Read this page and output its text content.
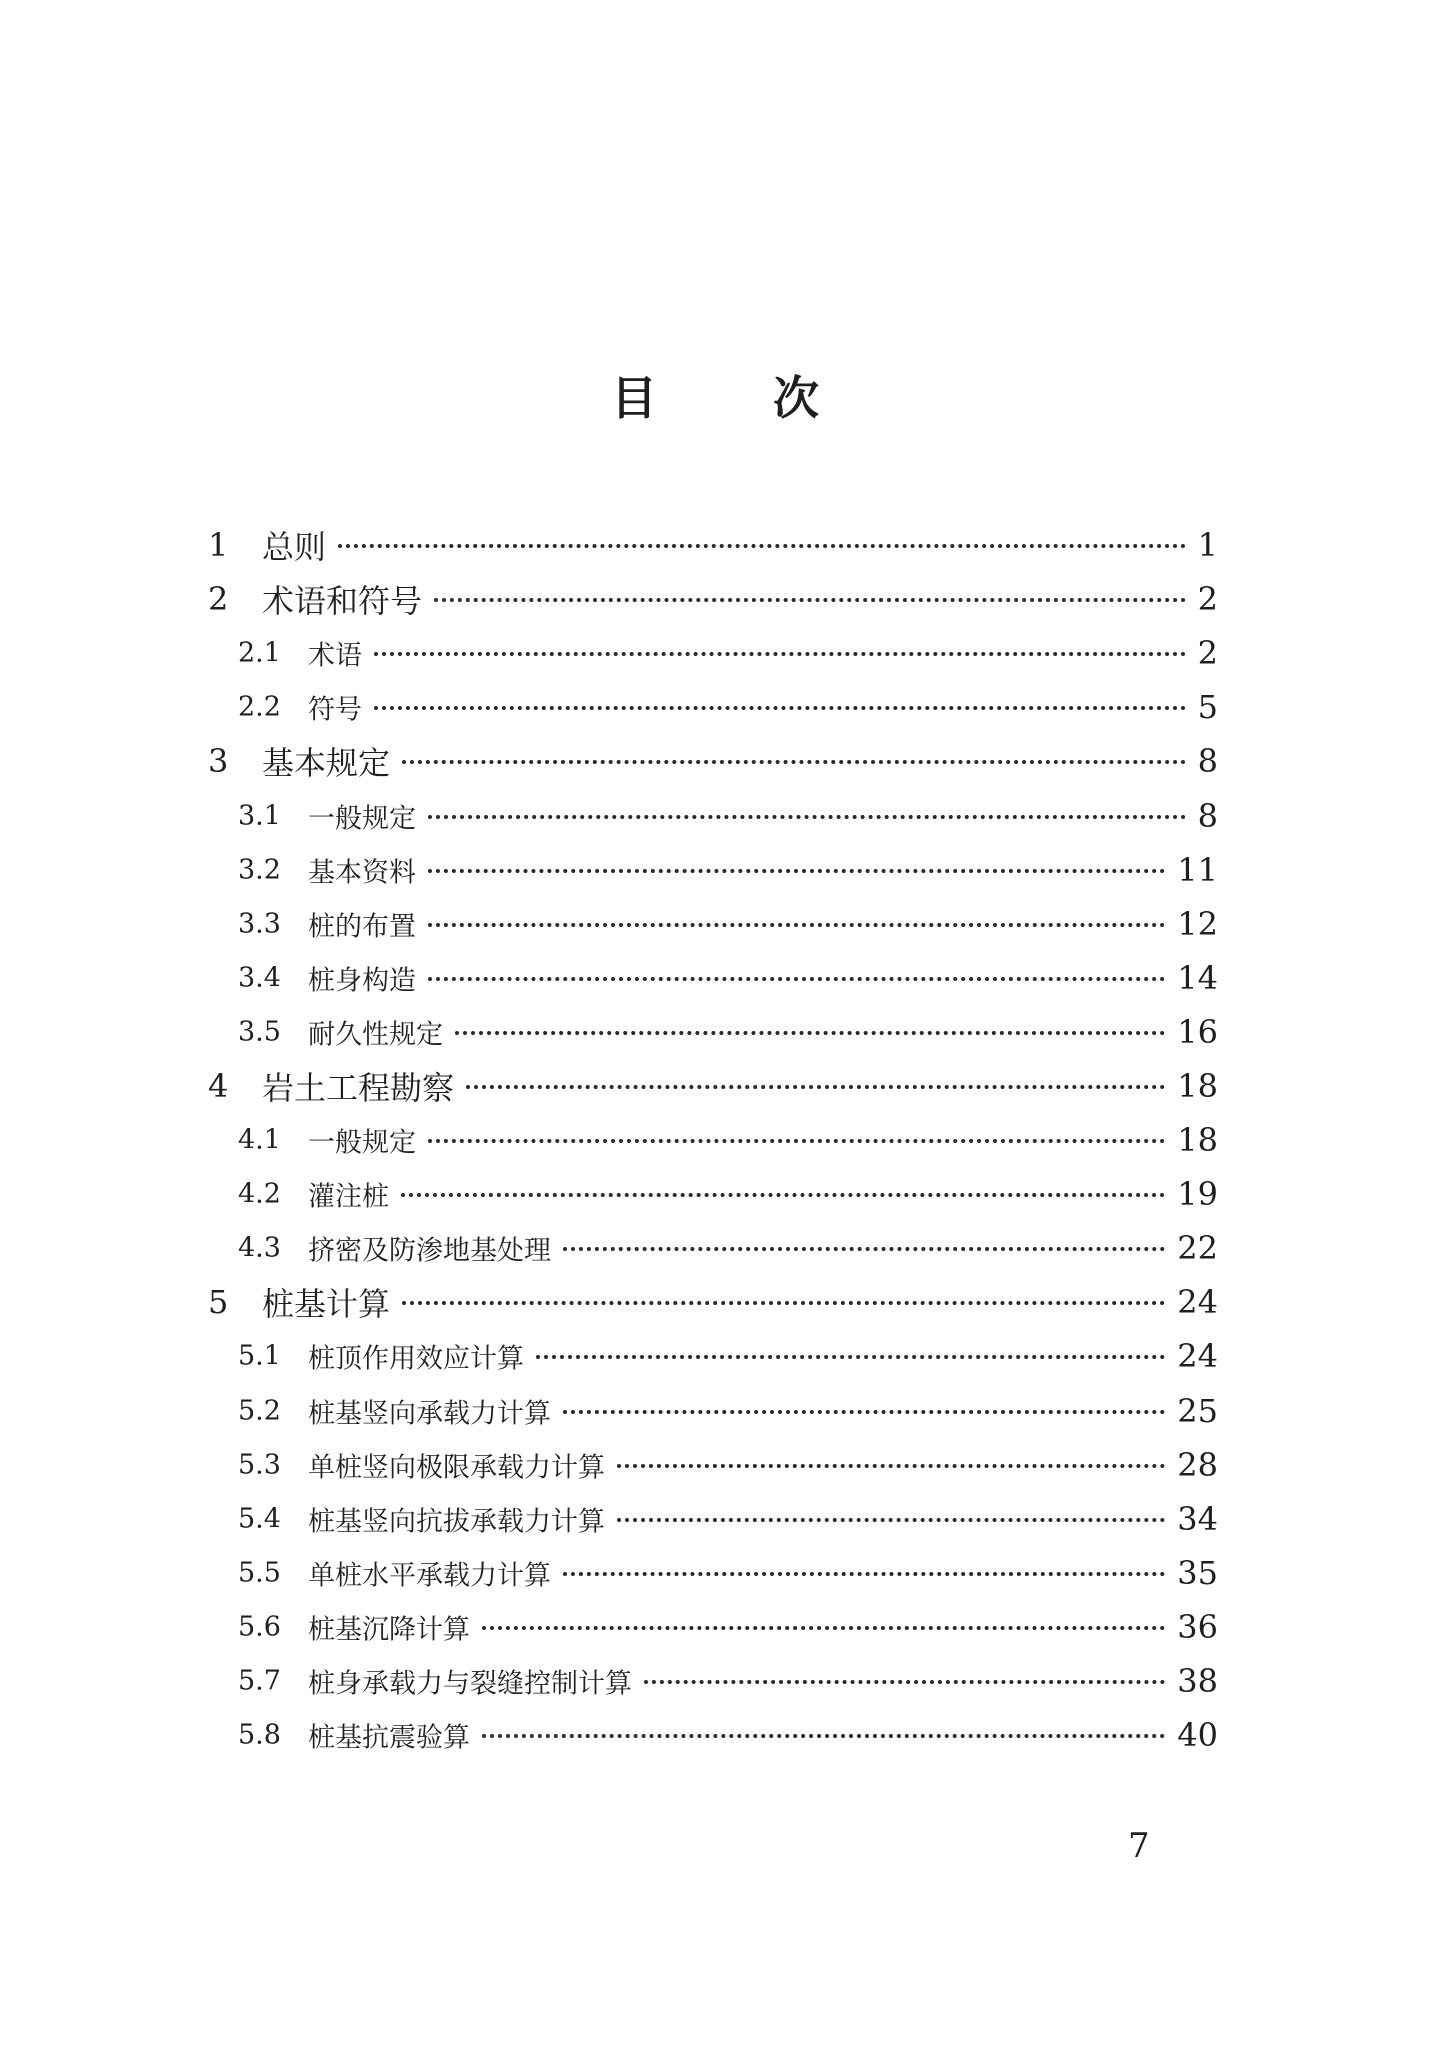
目 次
1 总则	1
2 术语和符号	2
2.1 术语	2
2.2 符号	5
3 基本规定	8
3.1 一般规定	8
3.2 基本资料	11
3.3 桩的布置	12
3.4 桩身构造	14
3.5 耐久性规定	16
4 岩土工程勘察	18
4.1 一般规定	18
4.2 灌注桩	19
4.3 挤密及防渗地基处理	22
5 桩基计算	24
5.1 桩顶作用效应计算	24
5.2 桩基竖向承载力计算	25
5.3 单桩竖向极限承载力计算	28
5.4 桩基竖向抗拔承载力计算	34
5.5 单桩水平承载力计算	35
5.6 桩基沉降计算	36
5.7 桩身承载力与裂缝控制计算	38
5.8 桩基抗震验算	40
7
